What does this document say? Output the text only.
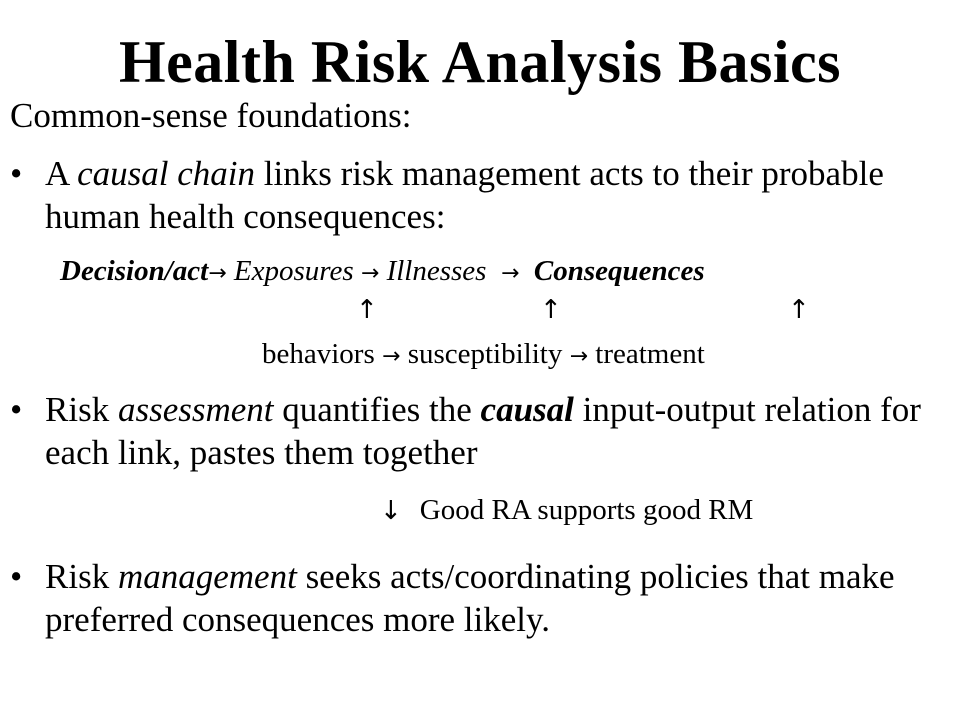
Health Risk Analysis Basics
Common-sense foundations:
• A causal chain links risk management acts to their probable human health consequences:
Decision/act→ Exposures → Illnesses → Consequences
↑	↑	↑
behaviors → susceptibility → treatment
• Risk assessment quantifies the causal input-output relation for each link, pastes them together
↓ Good RA supports good RM
• Risk management seeks acts/coordinating policies that make preferred consequences more likely.
